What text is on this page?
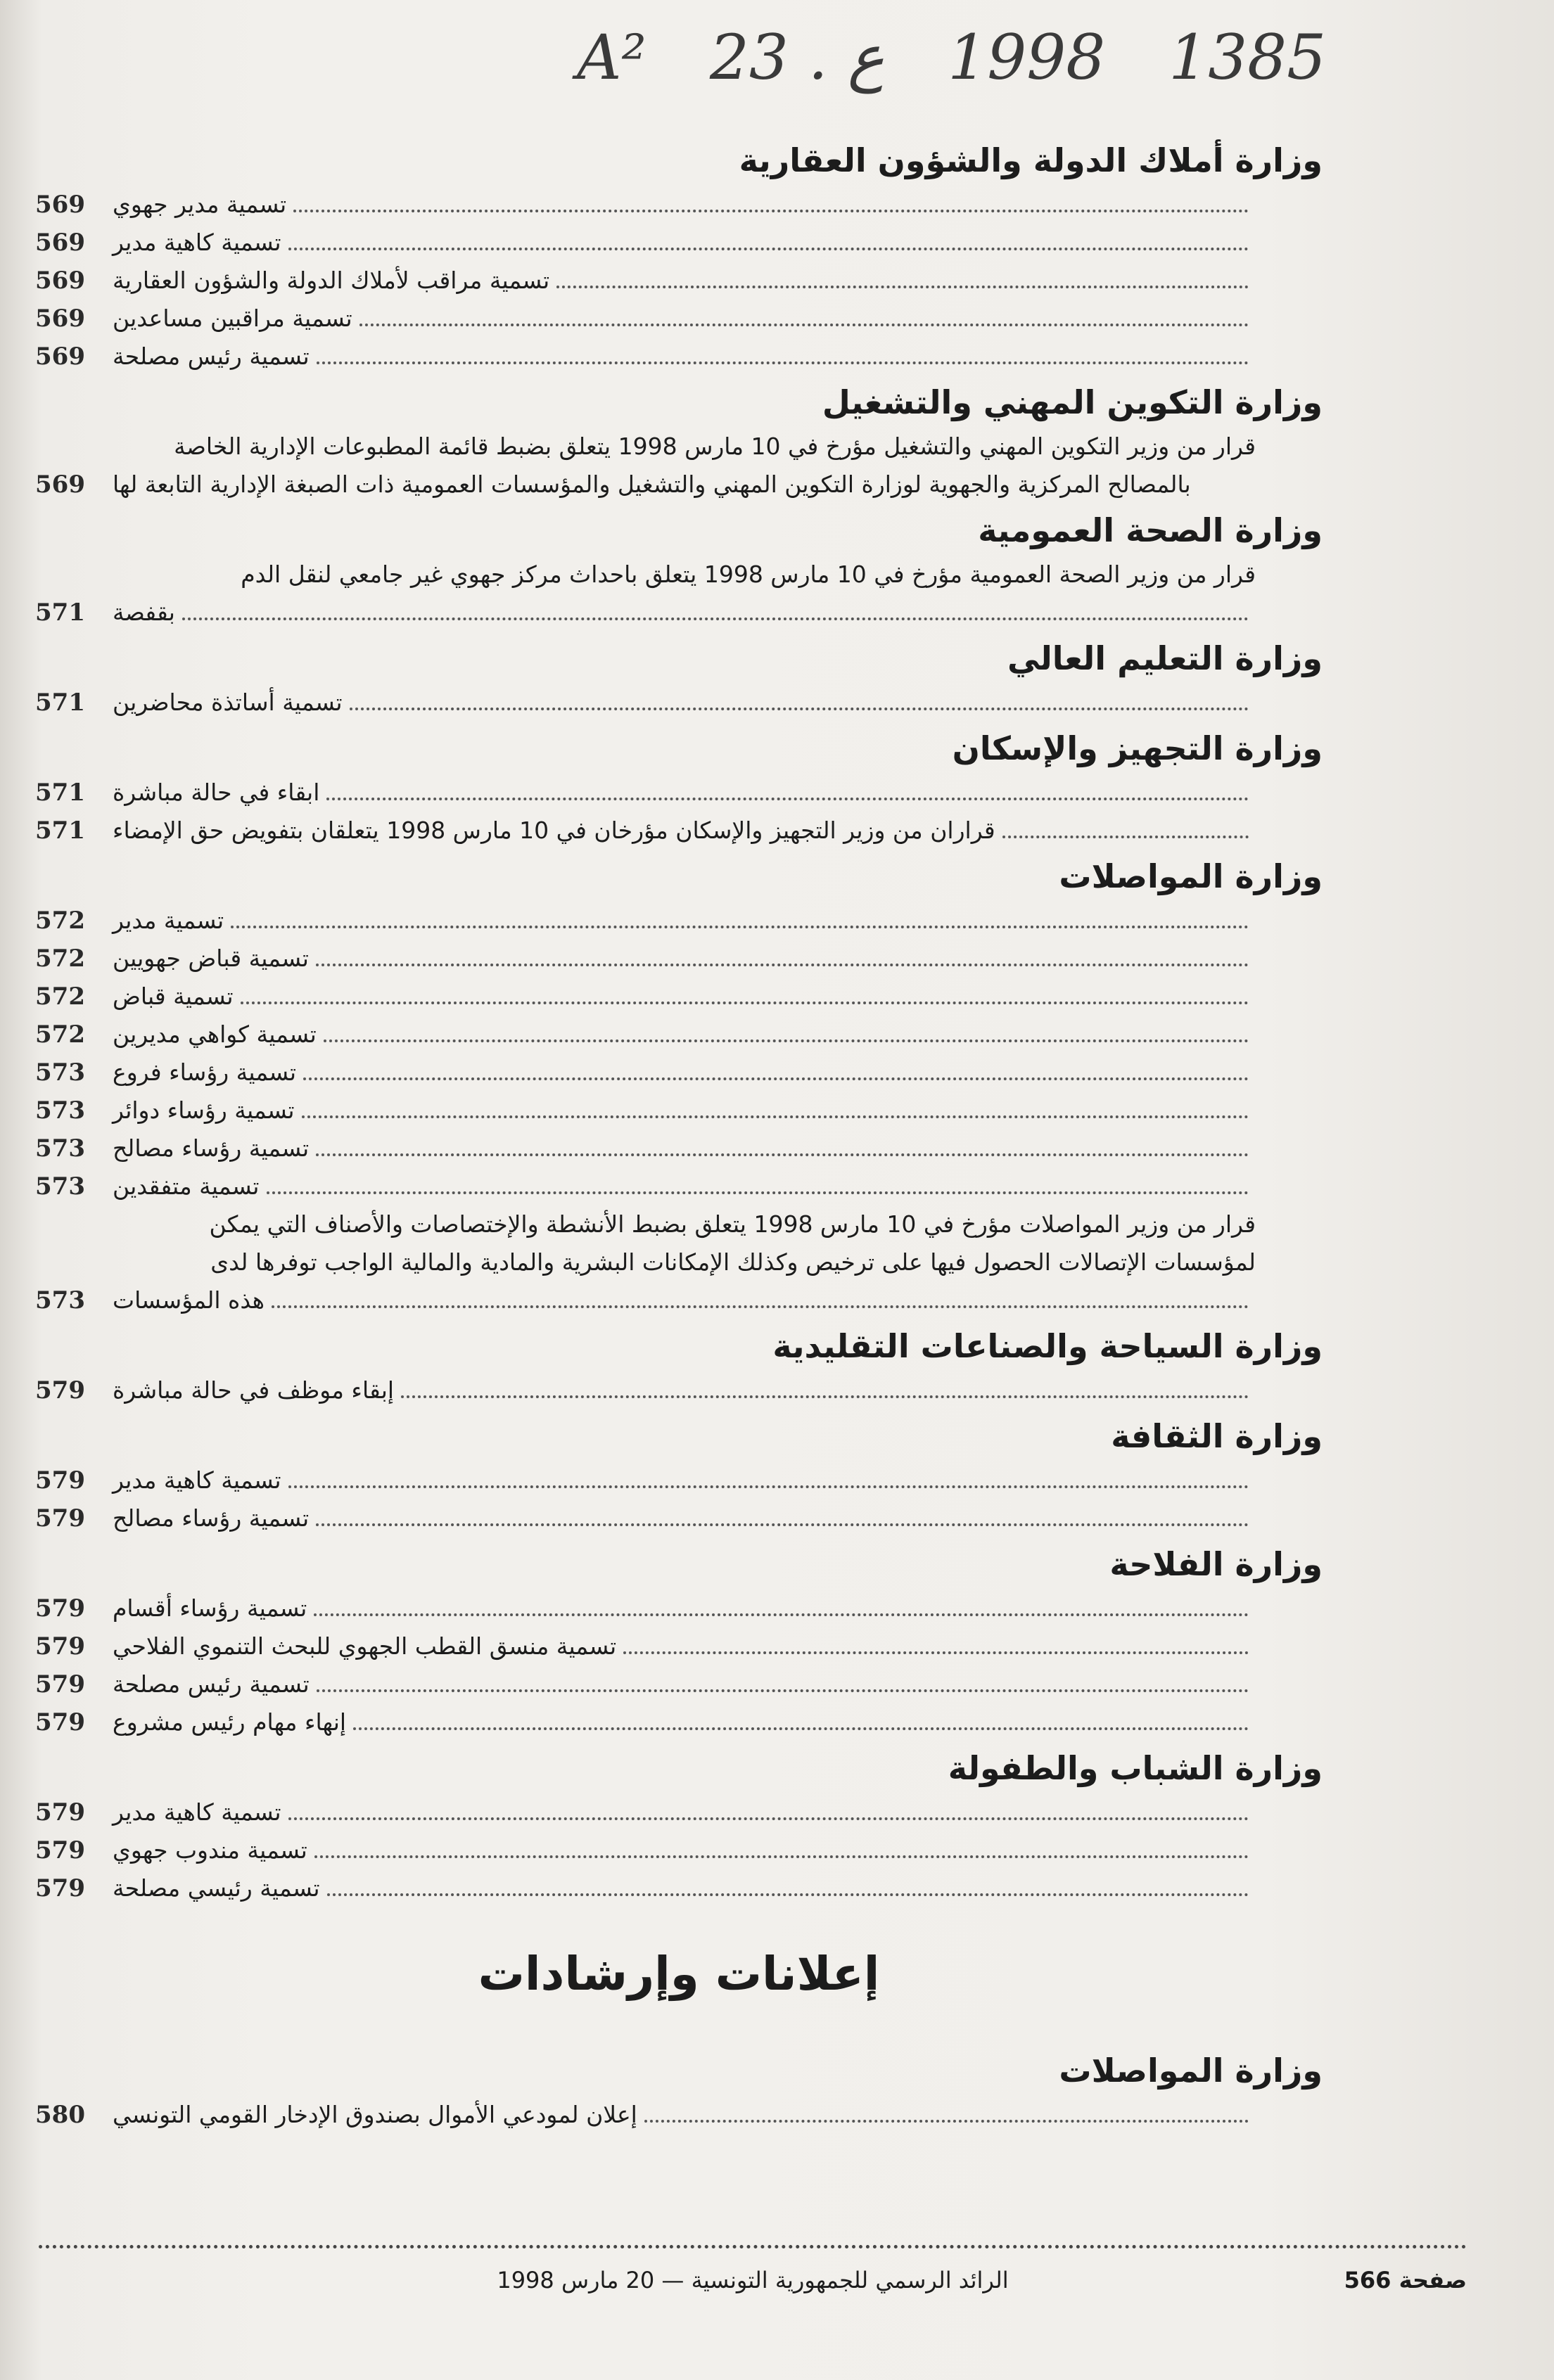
A² 23 . ع 1998 1385
وزارة أملاك الدولة والشؤون العقارية
569	تسمية مدير جهوي
569	تسمية كاهية مدير
569	تسمية مراقب لأملاك الدولة والشؤون العقارية
569	تسمية مراقبين مساعدين
569	تسمية رئيس مصلحة
وزارة التكوين المهني والتشغيل
قرار من وزير التكوين المهني والتشغيل مؤرخ في 10 مارس 1998 يتعلق بضبط قائمة المطبوعات الإدارية الخاصة
569	بالمصالح المركزية والجهوية لوزارة التكوين المهني والتشغيل والمؤسسات العمومية ذات الصبغة الإدارية التابعة لها
وزارة الصحة العمومية
قرار من وزير الصحة العمومية مؤرخ في 10 مارس 1998 يتعلق باحداث مركز جهوي غير جامعي لنقل الدم
571	بقفصة
وزارة التعليم العالي
571	تسمية أساتذة محاضرين
وزارة التجهيز والإسكان
571	ابقاء في حالة مباشرة
571	قراران من وزير التجهيز والإسكان مؤرخان في 10 مارس 1998 يتعلقان بتفويض حق الإمضاء
وزارة المواصلات
572	تسمية مدير
572	تسمية قباض جهويين
572	تسمية قباض
572	تسمية كواهي مديرين
573	تسمية رؤساء فروع
573	تسمية رؤساء دوائر
573	تسمية رؤساء مصالح
573	تسمية متفقدين
قرار من وزير المواصلات مؤرخ في 10 مارس 1998 يتعلق بضبط الأنشطة والإختصاصات والأصناف التي يمكن
لمؤسسات الإتصالات الحصول فيها على ترخيص وكذلك الإمكانات البشرية والمادية والمالية الواجب توفرها لدى
573	هذه المؤسسات
وزارة السياحة والصناعات التقليدية
579	إبقاء موظف في حالة مباشرة
وزارة الثقافة
579	تسمية كاهية مدير
579	تسمية رؤساء مصالح
وزارة الفلاحة
579	تسمية رؤساء أقسام
579	تسمية منسق القطب الجهوي للبحث التنموي الفلاحي
579	تسمية رئيس مصلحة
579	إنهاء مهام رئيس مشروع
وزارة الشباب والطفولة
579	تسمية كاهية مدير
579	تسمية مندوب جهوي
579	تسمية رئيسي مصلحة
إعلانات وإرشادات
وزارة المواصلات
580	إعلان لمودعي الأموال بصندوق الإدخار القومي التونسي
الرائد الرسمي للجمهورية التونسية — 20 مارس 1998	صفحة 566
